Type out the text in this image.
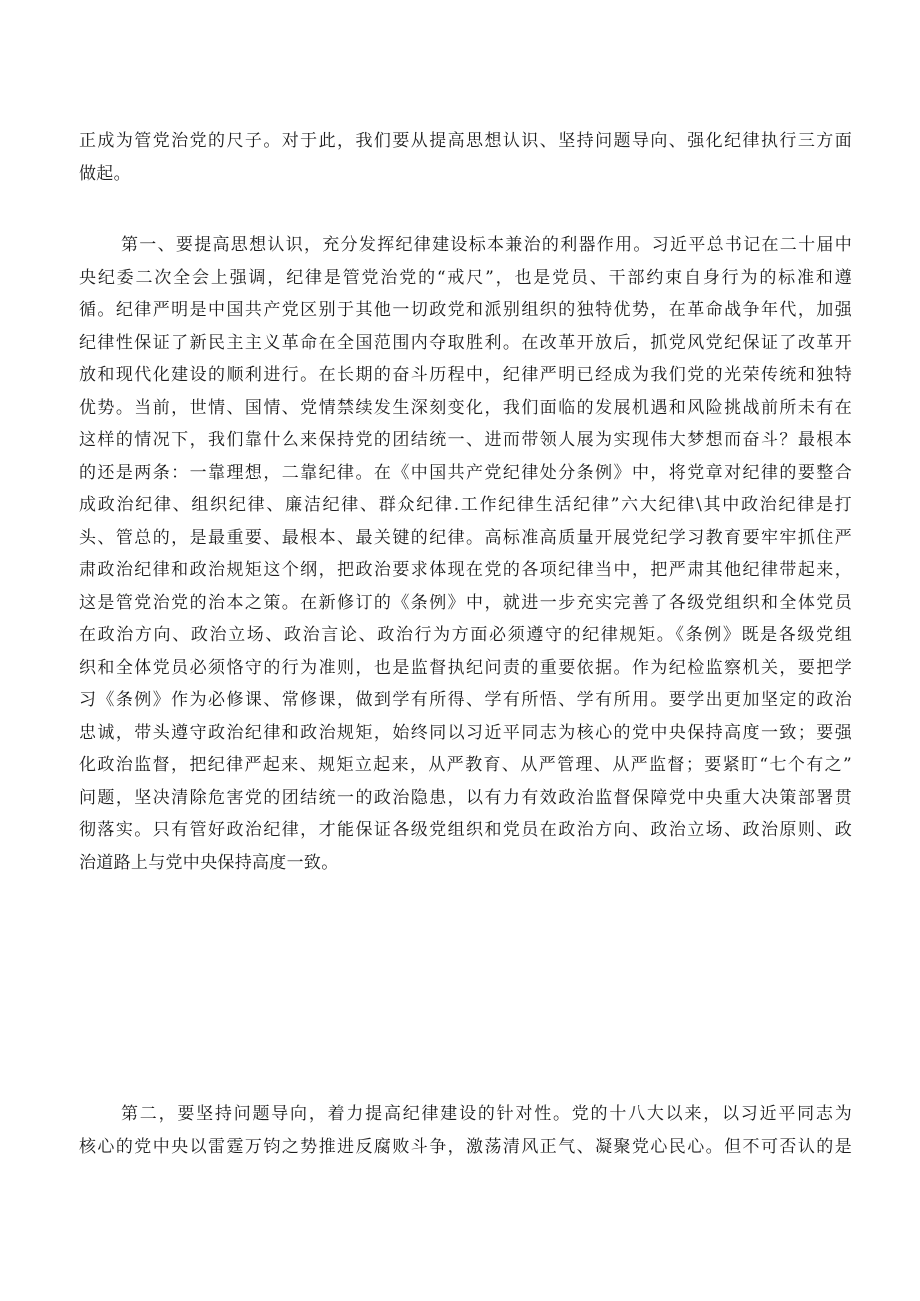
正成为管党治党的尺子。对于此，我们要从提高思想认识、坚持问题导向、强化纪律执行三方面
做起。

第一、要提高思想认识，充分发挥纪律建设标本兼治的利器作用。习近平总书记在二十届中
央纪委二次全会上强调，纪律是管党治党的“戒尺”，也是党员、干部约束自身行为的标准和遵
循。纪律严明是中国共产党区别于其他一切政党和派别组织的独特优势，在革命战争年代，加强
纪律性保证了新民主主义革命在全国范围内夺取胜利。在改革开放后，抓党风党纪保证了改革开
放和现代化建设的顺利进行。在长期的奋斗历程中，纪律严明已经成为我们党的光荣传统和独特
优势。当前，世情、国情、党情禁续发生深刻变化，我们面临的发展机遇和风险挑战前所未有在
这样的情况下，我们靠什么来保持党的团结统一、进而带领人展为实现伟大梦想而奋斗？最根本
的还是两条：一靠理想，二靠纪律。在《中国共产党纪律处分条例》中，将党章对纪律的要整合
成政治纪律、组织纪律、廉洁纪律、群众纪律.工作纪律生活纪律”六大纪律\其中政治纪律是打
头、管总的，是最重要、最根本、最关键的纪律。高标准高质量开展党纪学习教育要牢牢抓住严
肃政治纪律和政治规矩这个纲，把政治要求体现在党的各项纪律当中，把严肃其他纪律带起来，
这是管党治党的治本之策。在新修订的《条例》中，就进一步充实完善了各级党组织和全体党员
在政治方向、政治立场、政治言论、政治行为方面必须遵守的纪律规矩。《条例》既是各级党组
织和全体党员必须恪守的行为准则，也是监督执纪问责的重要依据。作为纪检监察机关，要把学
习《条例》作为必修课、常修课，做到学有所得、学有所悟、学有所用。要学出更加坚定的政治
忠诚，带头遵守政治纪律和政治规矩，始终同以习近平同志为核心的党中央保持高度一致；要强
化政治监督，把纪律严起来、规矩立起来，从严教育、从严管理、从严监督；要紧盯“七个有之”
问题，坚决清除危害党的团结统一的政治隐患，以有力有效政治监督保障党中央重大决策部署贯
彻落实。只有管好政治纪律，才能保证各级党组织和党员在政治方向、政治立场、政治原则、政
治道路上与党中央保持高度一致。

第二，要坚持问题导向，着力提高纪律建设的针对性。党的十八大以来，以习近平同志为
核心的党中央以雷霆万钧之势推进反腐败斗争，激荡清风正气、凝聚党心民心。但不可否认的是
